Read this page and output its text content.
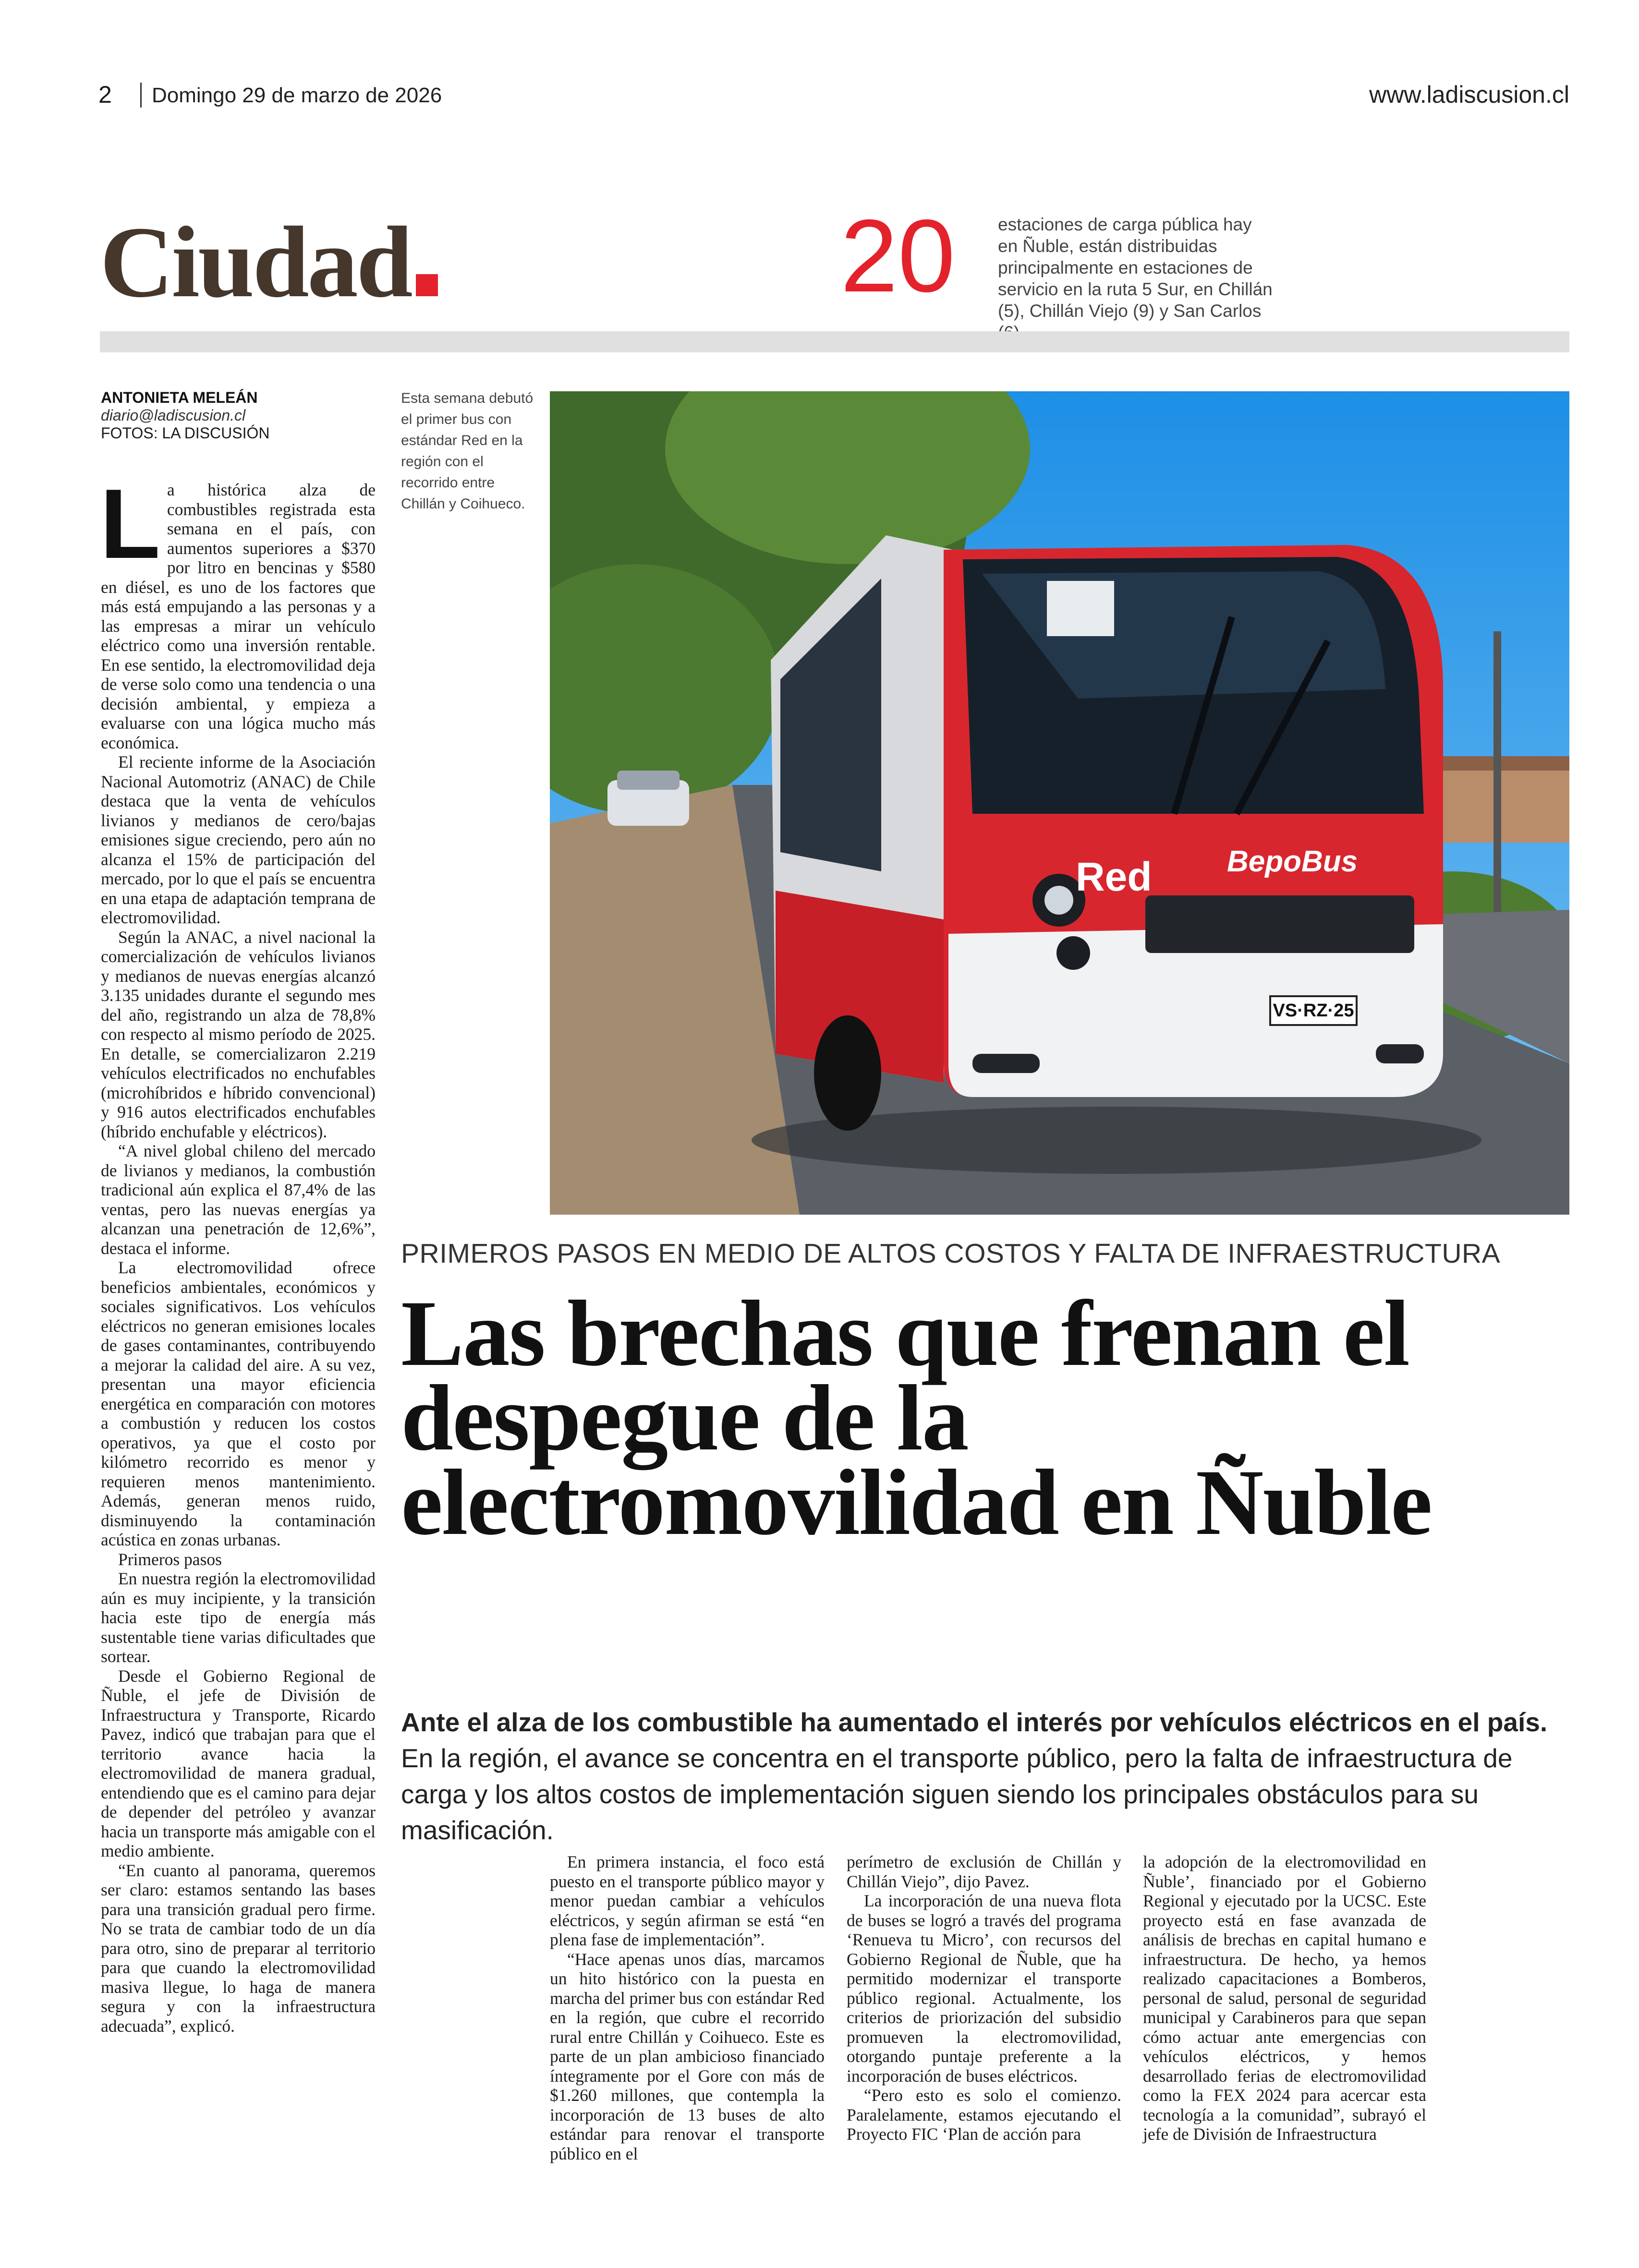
2 Domingo 29 de marzo de 2026	www.ladiscusion.cl
Ciudad	20 estaciones de carga pública hay en Ñuble, están distribuidas principalmente en estaciones de servicio en la ruta 5 Sur, en Chillán (5), Chillán Viejo (9) y San Carlos
ANTONIETA MELEÁN
diario@ladiscusion.cl
FOTOS: LA DISCUSIÓN
Esta semana debutó el primer bus con estándar Red en la región con el recorrido entre Chillán y Coihueco.
VS·RZ·25
BepoBus
Red
PRIMEROS PASOS EN MEDIO DE ALTOS COSTOS Y FALTA DE INFRAESTRUCTURA
Las brechas que frenan el despegue de la electromovilidad en Ñuble
Ante el alza de los combustible ha aumentado el interés por vehículos eléctricos en el país. En la región, el avance se concentra en el transporte público, pero la falta de infraestructura de carga y los altos costos de implementación siguen siendo los principales obstáculos para su masificación.

La histórica alza de combustibles registrada esta semana en el país, con aumentos superiores a $370 por litro en bencinas y $580 en diésel, es uno de los factores que más está empujando a las personas y a las empresas a mirar un vehículo eléctrico como una inversión rentable. En ese sentido, la electromovilidad deja de verse solo como una tendencia o una decisión ambiental, y empieza a evaluarse con una lógica mucho más económica.

El reciente informe de la Asociación Nacional Automotriz (ANAC) de Chile destaca que la venta de vehículos livianos y medianos de cero/bajas emisiones sigue creciendo, pero aún no alcanza el 15% de participación del mercado, por lo que el país se encuentra en una etapa de adaptación temprana de electromovilidad.

Según la ANAC, a nivel nacional la comercialización de vehículos livianos y medianos de nuevas energías alcanzó 3.135 unidades durante el segundo mes del año, registrando un alza de 78,8% con respecto al mismo período de 2025. En detalle, se comercializaron 2.219 vehículos electrificados no enchufables (microhíbridos e híbrido convencional) y 916 autos electrificados enchufables (híbrido enchufable y eléctricos).

“A nivel global chileno del mercado de livianos y medianos, la combustión tradicional aún explica el 87,4% de las ventas, pero las nuevas energías ya alcanzan una penetración de 12,6%”, destaca el informe.

La electromovilidad ofrece beneficios ambientales, económicos y sociales significativos. Los vehículos eléctricos no generan emisiones locales de gases contaminantes, contribuyendo a mejorar la calidad del aire. A su vez, presentan una mayor eficiencia energética en comparación con motores a combustión y reducen los costos operativos, ya que el costo por kilómetro recorrido es menor y requieren menos mantenimiento. Además, generan menos ruido, disminuyendo la contaminación acústica en zonas urbanas.

Primeros pasos

En nuestra región la electromovilidad aún es muy incipiente, y la transición hacia este tipo de energía más sustentable tiene varias dificultades que sortear.

Desde el Gobierno Regional de Ñuble, el jefe de División de Infraestructura y Transporte, Ricardo Pavez, indicó que trabajan para que el territorio avance hacia la electromovilidad de manera gradual, entendiendo que es el camino para dejar de depender del petróleo y avanzar hacia un transporte más amigable con el medio ambiente.

“En cuanto al panorama, queremos ser claro: estamos sentando las bases para una transición gradual pero firme. No se trata de cambiar todo de un día para otro, sino de preparar al territorio para que cuando la electromovilidad masiva llegue, lo haga de manera segura y con la infraestructura adecuada”, explicó.

En primera instancia, el foco está puesto en el transporte público mayor y menor puedan cambiar a vehículos eléctricos, y según afirman se está “en plena fase de implementación”.

“Hace apenas unos días, marcamos un hito histórico con la puesta en marcha del primer bus con estándar Red en la región, que cubre el recorrido rural entre Chillán y Coihueco. Este es parte de un plan ambicioso financiado íntegramente por el Gore con más de $1.260 millones, que contempla la incorporación de 13 buses de alto estándar para renovar el transporte público en el

perímetro de exclusión de Chillán y Chillán Viejo”, dijo Pavez.

La incorporación de una nueva flota de buses se logró a través del programa ‘Renueva tu Micro’, con recursos del Gobierno Regional de Ñuble, que ha permitido modernizar el transporte público regional. Actualmente, los criterios de priorización del subsidio promueven la electromovilidad, otorgando puntaje preferente a la incorporación de buses eléctricos.

“Pero esto es solo el comienzo. Paralelamente, estamos ejecutando el Proyecto FIC ‘Plan de acción para

la adopción de la electromovilidad en Ñuble’, financiado por el Gobierno Regional y ejecutado por la UCSC. Este proyecto está en fase avanzada de análisis de brechas en capital humano e infraestructura. De hecho, ya hemos realizado capacitaciones a Bomberos, personal de salud, personal de seguridad municipal y Carabineros para que sepan cómo actuar ante emergencias con vehículos eléctricos, y hemos desarrollado ferias de electromovilidad como la FEX 2024 para acercar esta tecnología a la comunidad”, subrayó el jefe de División de Infraestructura
